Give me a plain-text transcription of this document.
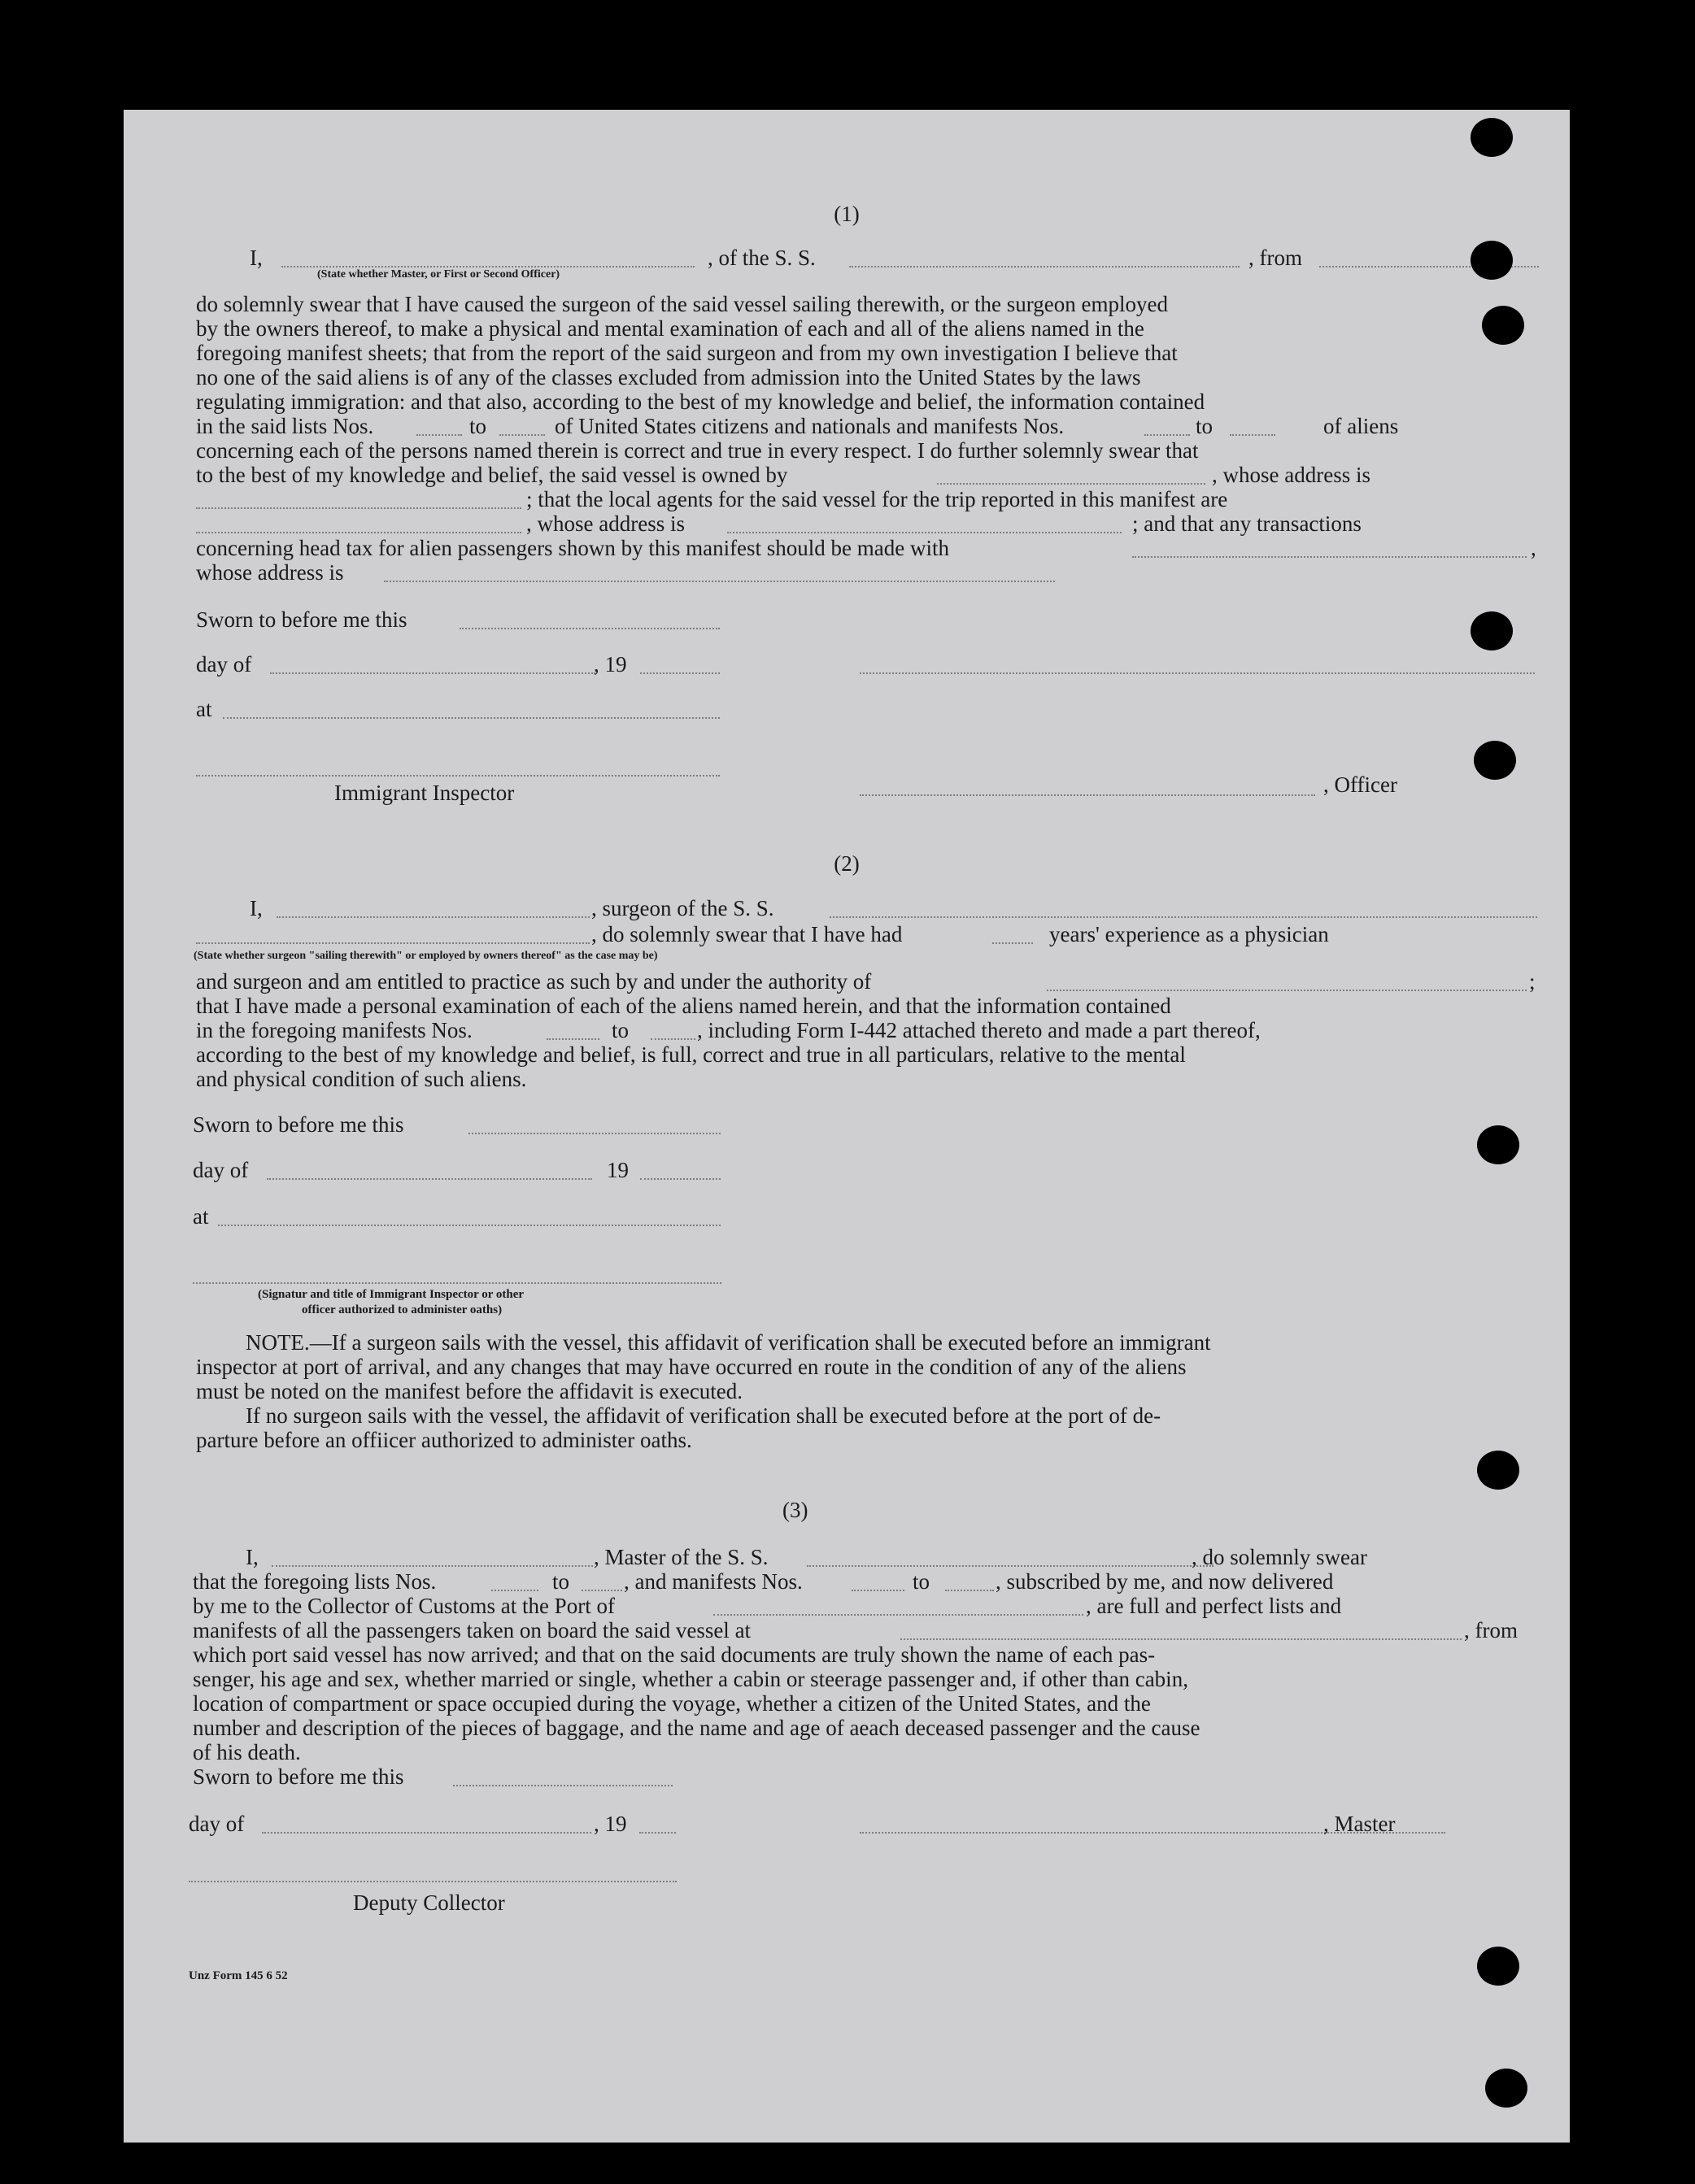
(1)
I,
(State whether Master, or First or Second Officer)
, of the S. S.	, from
do solemnly swear that I have caused the surgeon of the said vessel sailing therewith, or the surgeon employed
by the owners thereof, to make a physical and mental examination of each and all of the aliens named in the
foregoing manifest sheets; that from the report of the said surgeon and from my own investigation I believe that
no one of the said aliens is of any of the classes excluded from admission into the United States by the laws
regulating immigration: and that also, according to the best of my knowledge and belief, the information contained
in the said lists Nos.	to	of United States citizens and nationals and manifests Nos.	to	of aliens
concerning each of the persons named therein is correct and true in every respect. I do further solemnly swear that
to the best of my knowledge and belief, the said vessel is owned by	, whose address is
; that the local agents for the said vessel for the trip reported in this manifest are
, whose address is	; and that any transactions
concerning head tax for alien passengers shown by this manifest should be made with	,
whose address is
Sworn to before me this
day of	, 19
at
, Officer
Immigrant Inspector
(2)
I,	, surgeon of the S. S.
, do solemnly swear that I have had	years' experience as a physician
(State whether surgeon "sailing therewith" or employed by owners thereof" as the case may be)
and surgeon and am entitled to practice as such by and under the authority of	;
that I have made a personal examination of each of the aliens named herein, and that the information contained
in the foregoing manifests Nos.	to	, including Form I-442 attached thereto and made a part thereof,
according to the best of my knowledge and belief, is full, correct and true in all particulars, relative to the mental
and physical condition of such aliens.
Sworn to before me this
day of	19
at
(Signatur and title of Immigrant Inspector or other
officer authorized to administer oaths)
NOTE.—If a surgeon sails with the vessel, this affidavit of verification shall be executed before an immigrant
inspector at port of arrival, and any changes that may have occurred en route in the condition of any of the aliens
must be noted on the manifest before the affidavit is executed.
If no surgeon sails with the vessel, the affidavit of verification shall be executed before at the port of de-
parture before an offiicer authorized to administer oaths.
(3)
I,	, Master of the S. S.	, do solemnly swear
that the foregoing lists Nos.	to , and manifests Nos.	to	, subscribed by me, and now delivered
by me to the Collector of Customs at the Port of	, are full and perfect lists and
manifests of all the passengers taken on board the said vessel at	, from
which port said vessel has now arrived; and that on the said documents are truly shown the name of each pas-
senger, his age and sex, whether married or single, whether a cabin or steerage passenger and, if other than cabin,
location of compartment or space occupied during the voyage, whether a citizen of the United States, and the
number and description of the pieces of baggage, and the name and age of aeach deceased passenger and the cause
of his death.
Sworn to before me this
day of	, 19	, Master
Deputy Collector
Unz Form 145 6 52
